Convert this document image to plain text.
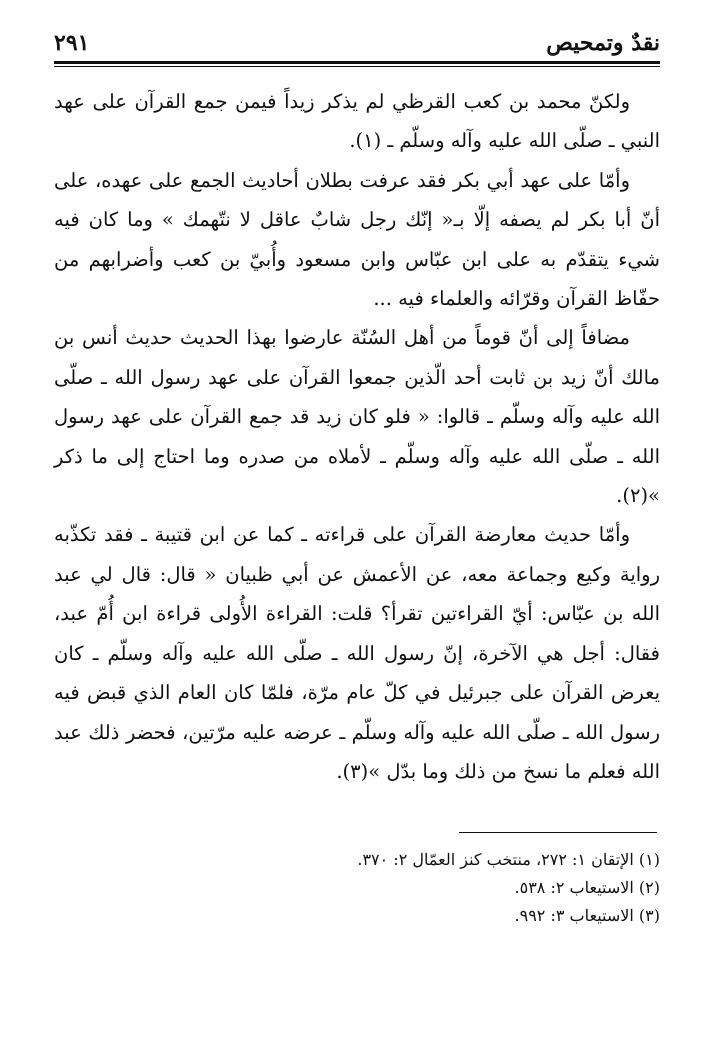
نقدٌ وتمحيص
٢٩١

ولكنّ محمد بن كعب القرظي لم يذكر زيداً فيمن جمع القرآن على عهد النبي ـ صلّى الله عليه وآله وسلّم ـ (١).

وأمّا على عهد أبي بكر فقد عرفت بطلان أحاديث الجمع على عهده، على أنّ أبا بكر لم يصفه إلّا بـ« إنّك رجل شابٌ عاقل لا نتّهمك » وما كان فيه شيء يتقدّم به على ابن عبّاس وابن مسعود وأُبيّ بن كعب وأضرابهم من حفّاظ القرآن وقرّائه والعلماء فيه ...

مضافاً إلى أنّ قوماً من أهل السُنّة عارضوا بهذا الحديث حديث أنس بن مالك أنّ زيد بن ثابت أحد الّذين جمعوا القرآن على عهد رسول الله ـ صلّى الله عليه وآله وسلّم ـ قالوا: « فلو كان زيد قد جمع القرآن على عهد رسول الله ـ صلّى الله عليه وآله وسلّم ـ لأملاه من صدره وما احتاج إلى ما ذكر »(٢).

وأمّا حديث معارضة القرآن على قراءته ـ كما عن ابن قتيبة ـ فقد تكذّبه رواية وكيع وجماعة معه، عن الأعمش عن أبي ظبيان « قال: قال لي عبد الله بن عبّاس: أيّ القراءتين تقرأ؟ قلت: القراءة الأُولى قراءة ابن أُمّ عبد، فقال: أجل هي الآخرة، إنّ رسول الله ـ صلّى الله عليه وآله وسلّم ـ كان يعرض القرآن على جبرئيل في كلّ عام مرّة، فلمّا كان العام الذي قبض فيه رسول الله ـ صلّى الله عليه وآله وسلّم ـ عرضه عليه مرّتين، فحضر ذلك عبد الله فعلم ما نسخ من ذلك وما بدّل »(٣).

(١) الإتقان ١: ٢٧٢، منتخب كنز العمّال ٢: ٣٧٠.

(٢) الاستيعاب ٢: ٥٣٨.

(٣) الاستيعاب ٣: ٩٩٢.
